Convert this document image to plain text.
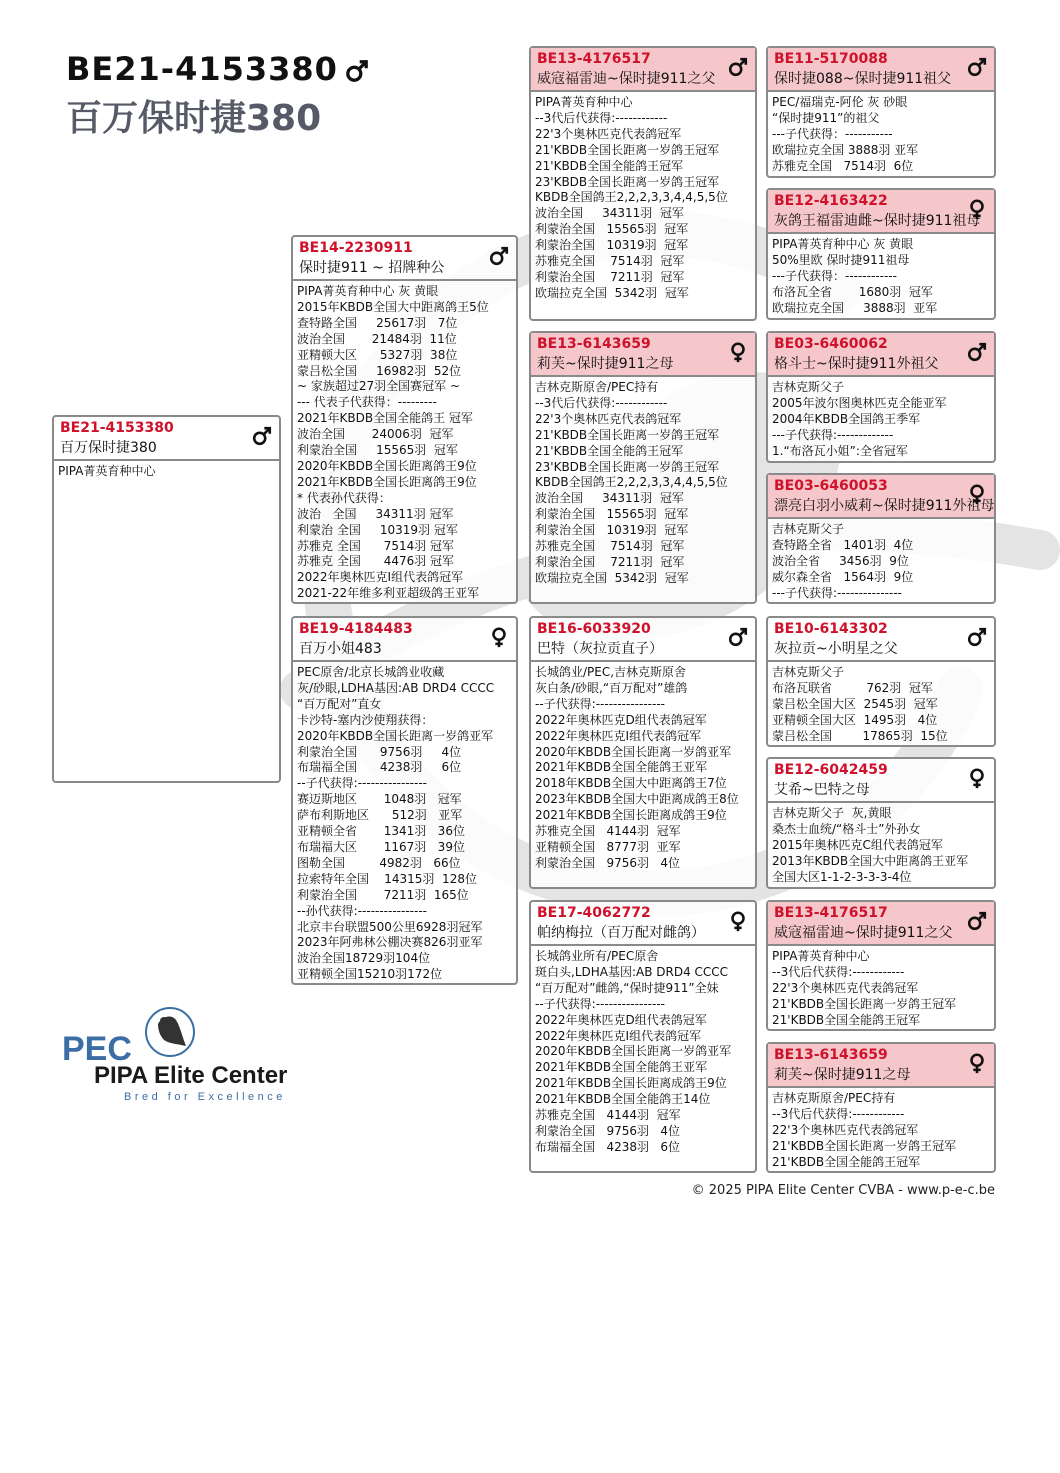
BE21-4153380
百万保时捷380
BE21-4153380
百万保时捷380
PIPA菁英育种中心
BE14-2230911
保时捷911 ~ 招牌种公
PIPA菁英育种中心 灰 黄眼
2015年KBDB全国大中距离鸽王5位
查特路全国     25617羽   7位
波治全国       21484羽  11位
亚精顿大区      5327羽  38位
蒙吕松全国     16982羽  52位
~ 家族超过27羽全国赛冠军 ~
--- 代表子代获得：---------
2021年KBDB全国全能鸽王 冠军
波治全国       24006羽  冠军
利蒙治全国     15565羽  冠军
2020年KBDB全国长距离鸽王9位
2021年KBDB全国长距离鸽王9位
* 代表孙代获得：
波治   全国     34311羽 冠军
利蒙治 全国     10319羽 冠军
苏雅克 全国      7514羽 冠军
苏雅克 全国      4476羽 冠军
2022年奥林匹克I组代表鸽冠军
2021-22年维多利亚超级鸽王亚军
BE19-4184483
百万小姐483
PEC原舍/北京长城鸽业收藏
灰/砂眼,LDHA基因:AB DRD4 CCCC
“百万配对”直女
卡沙特-塞内沙使翔获得：
2020年KBDB全国长距离一岁鸽亚军
利蒙治全国      9756羽     4位
布瑞福全国      4238羽     6位
--子代获得:----------------
赛迈斯地区       1048羽   冠军
萨布利斯地区      512羽   亚军
亚精顿全省       1341羽   36位
布瑞福大区       1167羽   39位
图勒全国         4982羽   66位
拉索特年全国    14315羽  128位
利蒙治全国       7211羽  165位
--孙代获得:----------------
北京丰台联盟500公里6928羽冠军
2023年阿弗林公棚决赛826羽亚军
波治全国18729羽104位
亚精顿全国15210羽172位
BE13-4176517
威寇福雷迪~保时捷911之父
PIPA菁英育种中心
--3代后代获得:------------
22'3个奥林匹克代表鸽冠军
21'KBDB全国长距离一岁鸽王冠军
21'KBDB全国全能鸽王冠军
23'KBDB全国长距离一岁鸽王冠军
KBDB全国鸽王2,2,2,3,3,4,4,5,5位
波治全国     34311羽  冠军
利蒙治全国   15565羽  冠军
利蒙治全国   10319羽  冠军
苏雅克全国    7514羽  冠军
利蒙治全国    7211羽  冠军
欧瑞拉克全国  5342羽  冠军
BE13-6143659
莉芙~保时捷911之母
吉林克斯原舍/PEC持有
--3代后代获得:------------
22'3个奥林匹克代表鸽冠军
21'KBDB全国长距离一岁鸽王冠军
21'KBDB全国全能鸽王冠军
23'KBDB全国长距离一岁鸽王冠军
KBDB全国鸽王2,2,2,3,3,4,4,5,5位
波治全国     34311羽  冠军
利蒙治全国   15565羽  冠军
利蒙治全国   10319羽  冠军
苏雅克全国    7514羽  冠军
利蒙治全国    7211羽  冠军
欧瑞拉克全国  5342羽  冠军
BE16-6033920
巴特（灰拉贡直子）
长城鸽业/PEC,吉林克斯原舍
灰白条/砂眼,“百万配对”雄鸽
--子代获得:----------------
2022年奥林匹克D组代表鸽冠军
2022年奥林匹克I组代表鸽冠军
2020年KBDB全国长距离一岁鸽亚军
2021年KBDB全国全能鸽王亚军
2018年KBDB全国大中距离鸽王7位
2023年KBDB全国大中距离成鸽王8位
2021年KBDB全国长距离成鸽王9位
苏雅克全国   4144羽  冠军
亚精顿全国   8777羽  亚军
利蒙治全国   9756羽   4位
BE17-4062772
帕纳梅拉（百万配对雌鸽）
长城鸽业所有/PEC原舍
斑白头,LDHA基因:AB DRD4 CCCC
“百万配对”雌鸽,“保时捷911”全妹
--子代获得:----------------
2022年奥林匹克D组代表鸽冠军
2022年奥林匹克I组代表鸽冠军
2020年KBDB全国长距离一岁鸽亚军
2021年KBDB全国全能鸽王亚军
2021年KBDB全国长距离成鸽王9位
2021年KBDB全国全能鸽王14位
苏雅克全国   4144羽  冠军
利蒙治全国   9756羽   4位
布瑞福全国   4238羽   6位
BE11-5170088
保时捷088~保时捷911祖父
PEC/福瑞克-阿伦 灰 砂眼
“保时捷911”的祖父
---子代获得：-----------
欧瑞拉克全国 3888羽 亚军
苏雅克全国   7514羽  6位
BE12-4163422
灰鸽王福雷迪雌~保时捷911祖母
PIPA菁英育种中心 灰 黄眼
50%里欧 保时捷911祖母
---子代获得：------------
布洛瓦全省       1680羽  冠军
欧瑞拉克全国     3888羽  亚军
BE03-6460062
格斗士~保时捷911外祖父
吉林克斯父子
2005年波尔图奥林匹克全能亚军
2004年KBDB全国鸽王季军
---子代获得:-------------
1.“布洛瓦小姐”:全省冠军
BE03-6460053
漂亮白羽小威莉~保时捷911外祖母
吉林克斯父子
查特路全省   1401羽  4位
波治全省     3456羽  9位
威尔森全省   1564羽  9位
---子代获得:---------------
BE10-6143302
灰拉贡~小明星之父
吉林克斯父子
布洛瓦联省         762羽  冠军
蒙吕松全国大区  2545羽  冠军
亚精顿全国大区  1495羽   4位
蒙吕松全国        17865羽  15位
BE12-6042459
艾希~巴特之母
吉林克斯父子  灰,黄眼
桑杰士血统/“格斗士”外孙女
2015年奥林匹克C组代表鸽冠军
2013年KBDB全国大中距离鸽王亚军
全国大区1-1-2-3-3-3-4位
BE13-4176517
威寇福雷迪~保时捷911之父
PIPA菁英育种中心
--3代后代获得:------------
22'3个奥林匹克代表鸽冠军
21'KBDB全国长距离一岁鸽王冠军
21'KBDB全国全能鸽王冠军
BE13-6143659
莉芙~保时捷911之母
吉林克斯原舍/PEC持有
--3代后代获得:------------
22'3个奥林匹克代表鸽冠军
21'KBDB全国长距离一岁鸽王冠军
21'KBDB全国全能鸽王冠军
PEC
PIPA Elite Center
Bred for Excellence
© 2025 PIPA Elite Center CVBA - www.p-e-c.be
